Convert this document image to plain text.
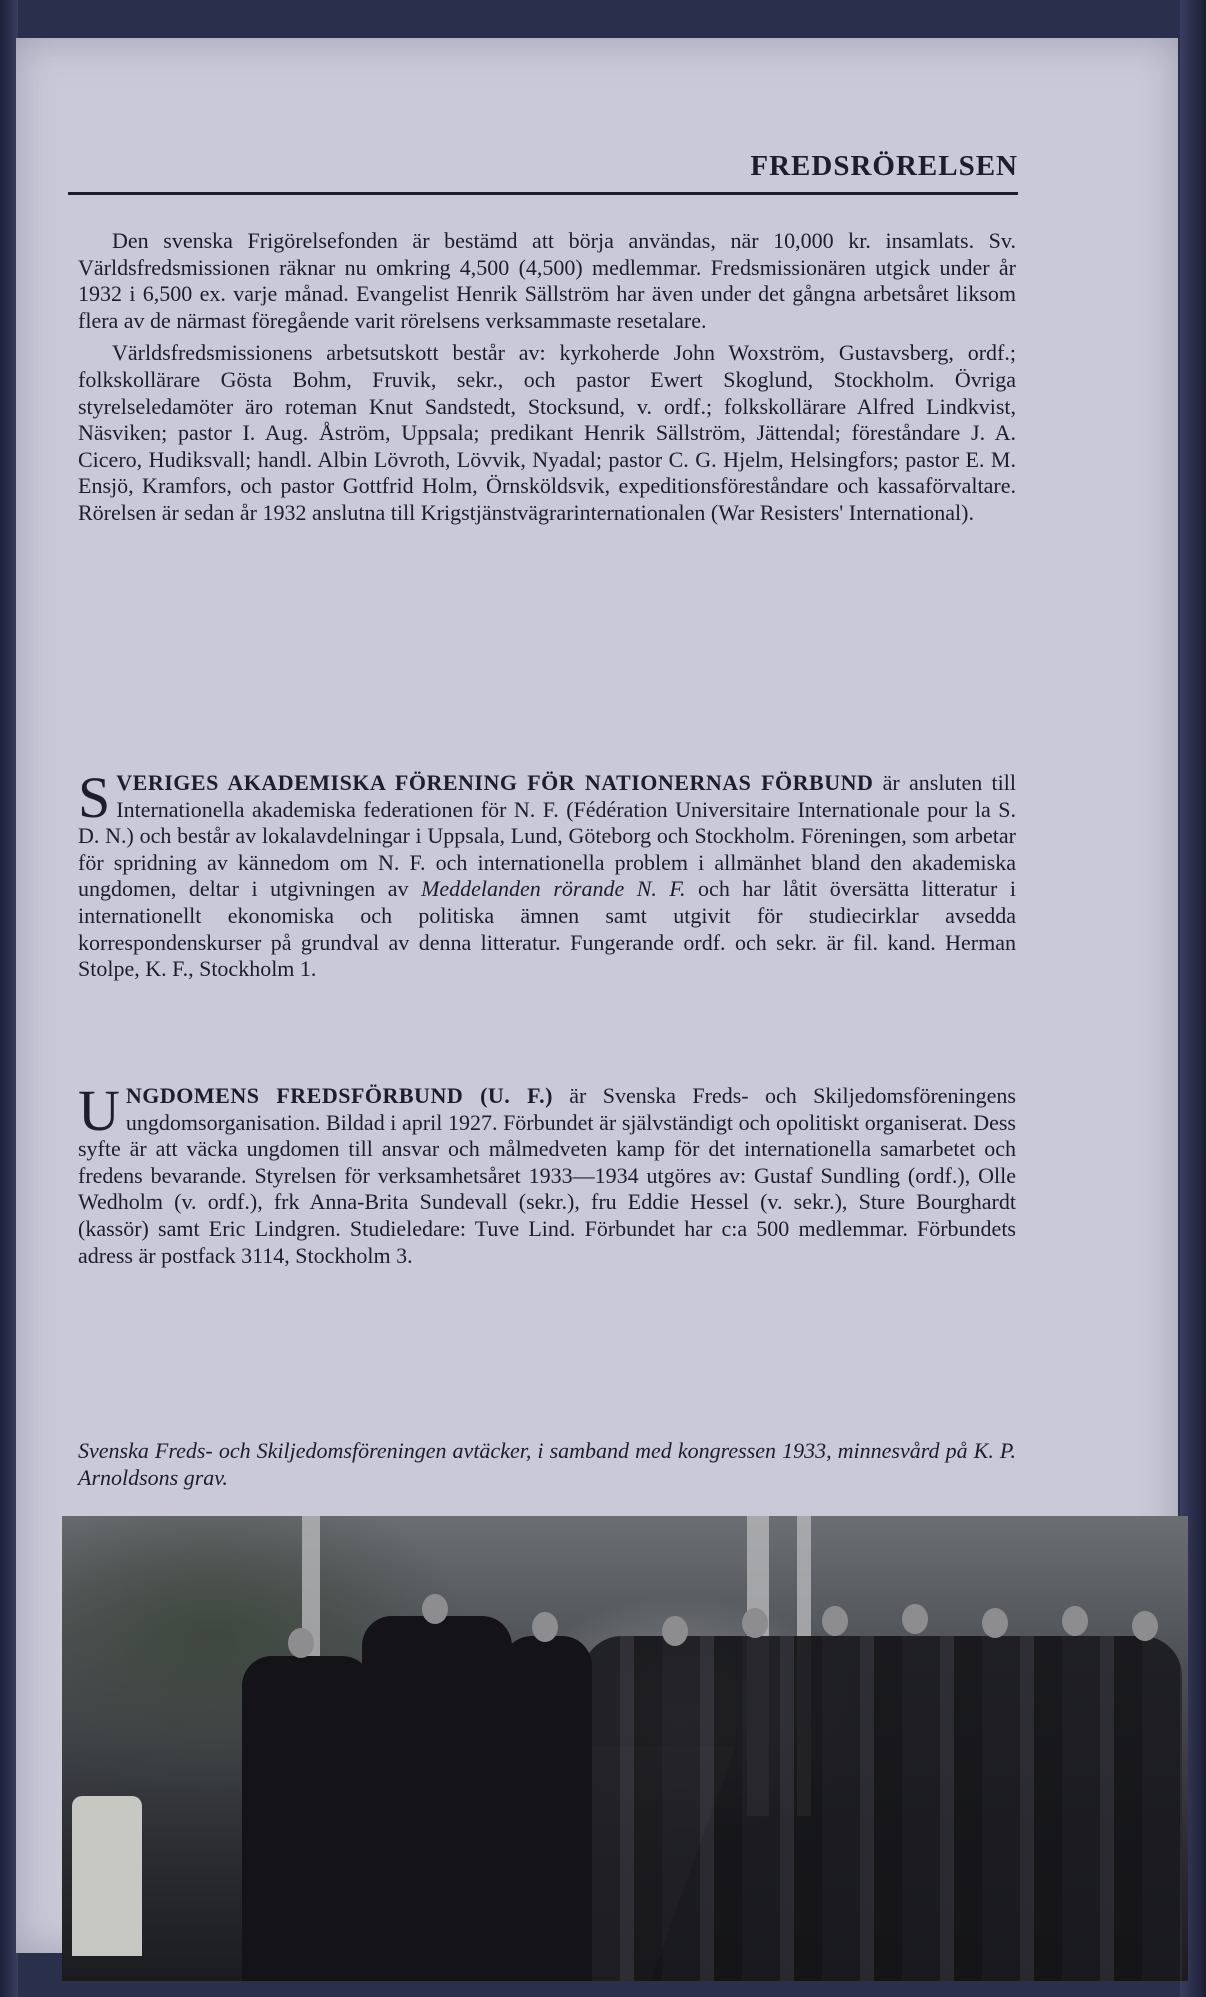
FREDSRÖRELSEN

Den svenska Frigörelsefonden är bestämd att börja användas, när 10,000 kr. insamlats. Sv. Världsfredsmissionen räknar nu omkring 4,500 (4,500) medlemmar. Fredsmissionären utgick under år 1932 i 6,500 ex. varje månad. Evangelist Henrik Sällström har även under det gångna arbetsåret liksom flera av de närmast föregående varit rörelsens verksammaste resetalare.

Världsfredsmissionens arbetsutskott består av: kyrkoherde John Woxström, Gustavsberg, ordf.; folkskollärare Gösta Bohm, Fruvik, sekr., och pastor Ewert Skoglund, Stockholm. Övriga styrelseledamöter äro roteman Knut Sandstedt, Stocksund, v. ordf.; folkskollärare Alfred Lindkvist, Näsviken; pastor I. Aug. Åström, Uppsala; predikant Henrik Sällström, Jättendal; föreståndare J. A. Cicero, Hudiksvall; handl. Albin Lövroth, Lövvik, Nyadal; pastor C. G. Hjelm, Helsingfors; pastor E. M. Ensjö, Kramfors, och pastor Gottfrid Holm, Örnsköldsvik, expeditionsföreståndare och kassaförvaltare. Rörelsen är sedan år 1932 anslutna till Krigstjänstvägrarinternationalen (War Resisters' International).

SVERIGES AKADEMISKA FÖRENING FÖR NATIONERNAS FÖRBUND är ansluten till Internationella akademiska federationen för N. F. (Fédération Universitaire Internationale pour la S. D. N.) och består av lokalavdelningar i Uppsala, Lund, Göteborg och Stockholm. Föreningen, som arbetar för spridning av kännedom om N. F. och internationella problem i allmänhet bland den akademiska ungdomen, deltar i utgivningen av Meddelanden rörande N. F. och har låtit översätta litteratur i internationellt ekonomiska och politiska ämnen samt utgivit för studiecirklar avsedda korrespondenskurser på grundval av denna litteratur. Fungerande ordf. och sekr. är fil. kand. Herman Stolpe, K. F., Stockholm 1.
UNGDOMENS FREDSFÖRBUND (U. F.) är Svenska Freds- och Skiljedomsföreningens ungdomsorganisation. Bildad i april 1927. Förbundet är självständigt och opolitiskt organiserat. Dess syfte är att väcka ungdomen till ansvar och målmedveten kamp för det internationella samarbetet och fredens bevarande. Styrelsen för verksamhetsåret 1933—1934 utgöres av: Gustaf Sundling (ordf.), Olle Wedholm (v. ordf.), frk Anna-Brita Sundevall (sekr.), fru Eddie Hessel (v. sekr.), Sture Bourghardt (kassör) samt Eric Lindgren. Studieledare: Tuve Lind. Förbundet har c:a 500 medlemmar. Förbundets adress är postfack 3114, Stockholm 3.
Svenska Freds- och Skiljedomsföreningen avtäcker, i samband med kongressen 1933, minnesvård på K. P. Arnoldsons grav.
